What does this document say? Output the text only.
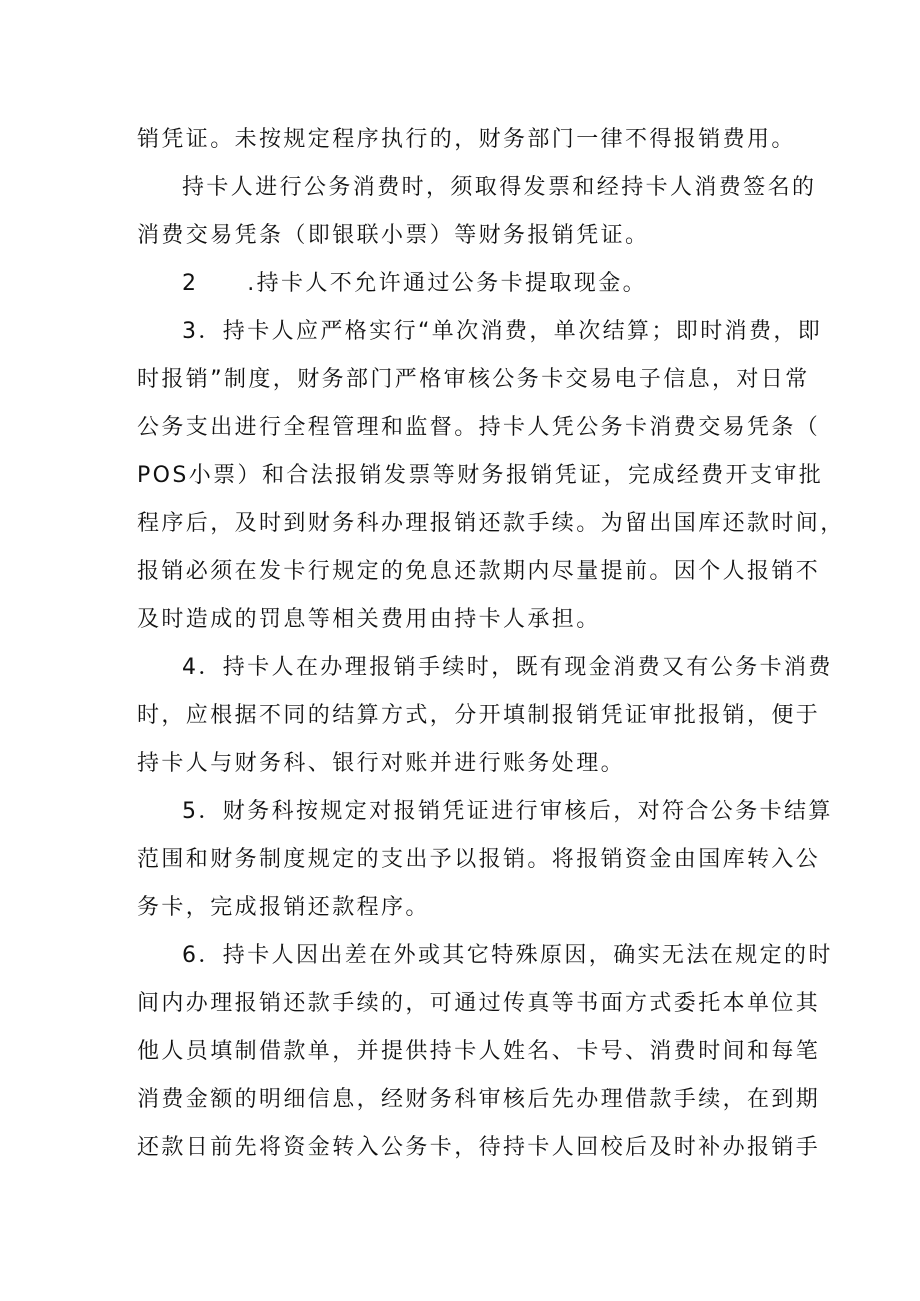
销凭证。未按规定程序执行的，财务部门一律不得报销费用。
持卡人进行公务消费时，须取得发票和经持卡人消费签名的
消费交易凭条（即银联小票）等财务报销凭证。
2　　.持卡人不允许通过公务卡提取现金。
3．持卡人应严格实行“单次消费，单次结算；即时消费，即
时报销”制度，财务部门严格审核公务卡交易电子信息，对日常
公务支出进行全程管理和监督。持卡人凭公务卡消费交易凭条（
POS小票）和合法报销发票等财务报销凭证，完成经费开支审批
程序后，及时到财务科办理报销还款手续。为留出国库还款时间，
报销必须在发卡行规定的免息还款期内尽量提前。因个人报销不
及时造成的罚息等相关费用由持卡人承担。
4．持卡人在办理报销手续时，既有现金消费又有公务卡消费
时，应根据不同的结算方式，分开填制报销凭证审批报销，便于
持卡人与财务科、银行对账并进行账务处理。
5．财务科按规定对报销凭证进行审核后，对符合公务卡结算
范围和财务制度规定的支出予以报销。将报销资金由国库转入公
务卡，完成报销还款程序。
6．持卡人因出差在外或其它特殊原因，确实无法在规定的时
间内办理报销还款手续的，可通过传真等书面方式委托本单位其
他人员填制借款单，并提供持卡人姓名、卡号、消费时间和每笔
消费金额的明细信息，经财务科审核后先办理借款手续，在到期
还款日前先将资金转入公务卡，待持卡人回校后及时补办报销手
